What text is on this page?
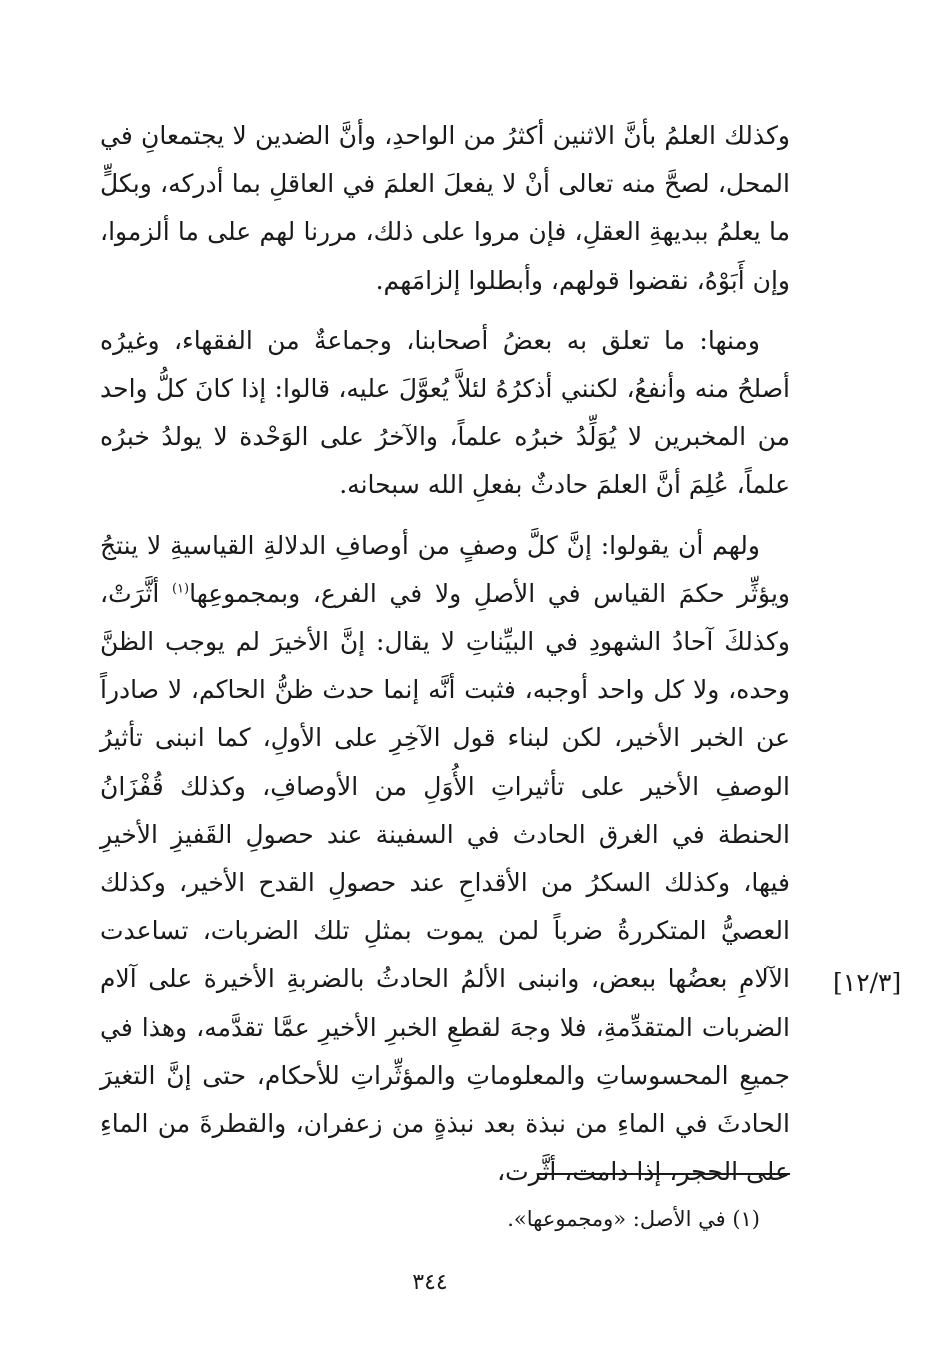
وكذلك العلمُ بأنَّ الاثنين أكثرُ من الواحدِ، وأنَّ الضدين لا يجتمعانِ في المحل، لصحَّ منه تعالى أنْ لا يفعلَ العلمَ في العاقلِ بما أدركه، وبكلٍّ ما يعلمُ ببديهةِ العقلِ، فإن مروا على ذلك، مررنا لهم على ما ألزموا، وإن أَبَوْهُ، نقضوا قولهم، وأبطلوا إلزامَهم.

ومنها: ما تعلق به بعضُ أصحابنا، وجماعةٌ من الفقهاء، وغيرُه أصلحُ منه وأنفعُ، لكنني أذكرُهُ لئلاَّ يُعوَّلَ عليه، قالوا: إذا كانَ كلُّ واحد من المخبرين لا يُوَلِّدُ خبرُه علماً، والآخرُ على الوَحْدة لا يولدُ خبرُه علماً، عُلِمَ أنَّ العلمَ حادثٌ بفعلِ الله سبحانه.

ولهم أن يقولوا: إنَّ كلَّ وصفٍ من أوصافِ الدلالةِ القياسيةِ لا ينتجُ ويؤثِّر حكمَ القياس في الأصلِ ولا في الفرع، وبمجموعِها$^{(١)}$ أثَّرَتْ، وكذلكَ آحادُ الشهودِ في البيِّناتِ لا يقال: إنَّ الأخيرَ لم يوجب الظنَّ وحده، ولا كل واحد أوجبه، فثبت أنَّه إنما حدث ظنُّ الحاكم، لا صادراً عن الخبر الأخير، لكن لبناء قول الآخِرِ على الأولِ، كما انبنى تأثيرُ الوصفِ الأخير على تأثيراتِ الأُوَلِ من الأوصافِ، وكذلك قُفْزَانُ الحنطة في الغرق الحادث في السفينة عند حصولِ القَفيزِ الأخيرِ فيها، وكذلك السكرُ من الأقداحِ عند حصولِ القدح الأخير، وكذلك العصيُّ المتكررةُ ضرباً لمن يموت بمثلِ تلك الضربات، تساعدت الآلامِ بعضُها ببعض، وانبنى الألمُ الحادثُ بالضربةِ الأخيرة على آلام الضربات المتقدِّمةِ، فلا وجهَ لقطعِ الخبرِ الأخيرِ عمَّا تقدَّمه، وهذا في جميعِ المحسوساتِ والمعلوماتِ والمؤثِّراتِ للأحكام، حتى إنَّ التغيرَ الحادثَ في الماءِ من نبذة بعد نبذةٍ من زعفران، والقطرةَ من الماءِ على الحجر، إذا دامت، أثَّرت،

[١٢/٣]
(١) في الأصل: «ومجموعها».
٣٤٤
